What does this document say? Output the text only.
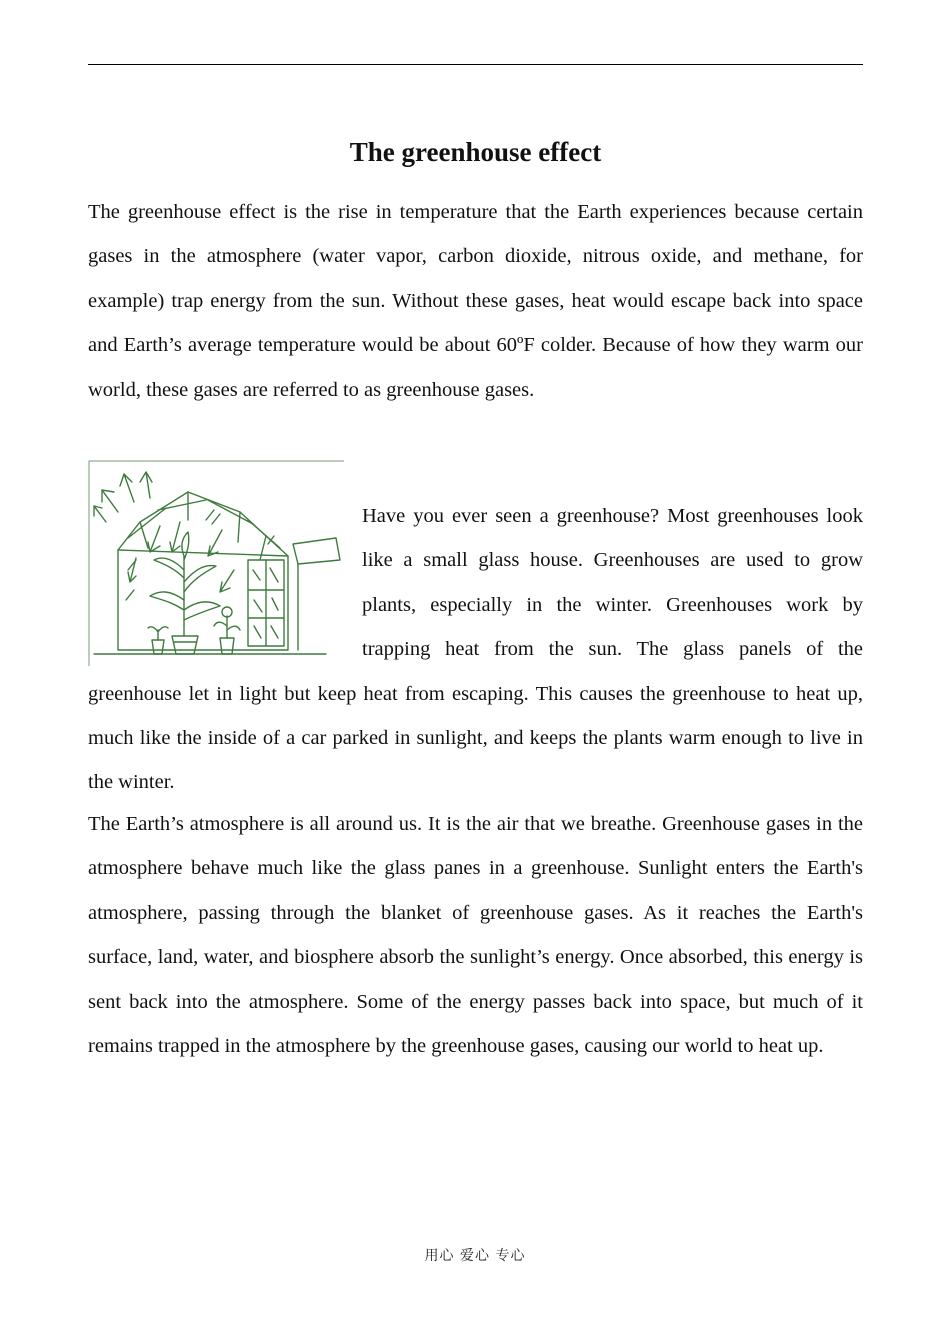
The greenhouse effect

The greenhouse effect is the rise in temperature that the Earth experiences because certain gases in the atmosphere (water vapor, carbon dioxide, nitrous oxide, and methane, for example) trap energy from the sun. Without these gases, heat would escape back into space and Earth’s average temperature would be about 60ºF colder. Because of how they warm our world, these gases are referred to as greenhouse gases.

Have you ever seen a greenhouse? Most greenhouses look like a small glass house. Greenhouses are used to grow plants, especially in the winter. Greenhouses work by trapping heat from the sun. The glass panels of the greenhouse let in light but keep heat from escaping. This causes the greenhouse to heat up, much like the inside of a car parked in sunlight, and keeps the plants warm enough to live in the winter.

The Earth’s atmosphere is all around us. It is the air that we breathe. Greenhouse gases in the atmosphere behave much like the glass panes in a greenhouse. Sunlight enters the Earth's atmosphere, passing through the blanket of greenhouse gases. As it reaches the Earth's surface, land, water, and biosphere absorb the sunlight’s energy. Once absorbed, this energy is sent back into the atmosphere. Some of the energy passes back into space, but much of it remains trapped in the atmosphere by the greenhouse gases, causing our world to heat up.

用心 爱心 专心
